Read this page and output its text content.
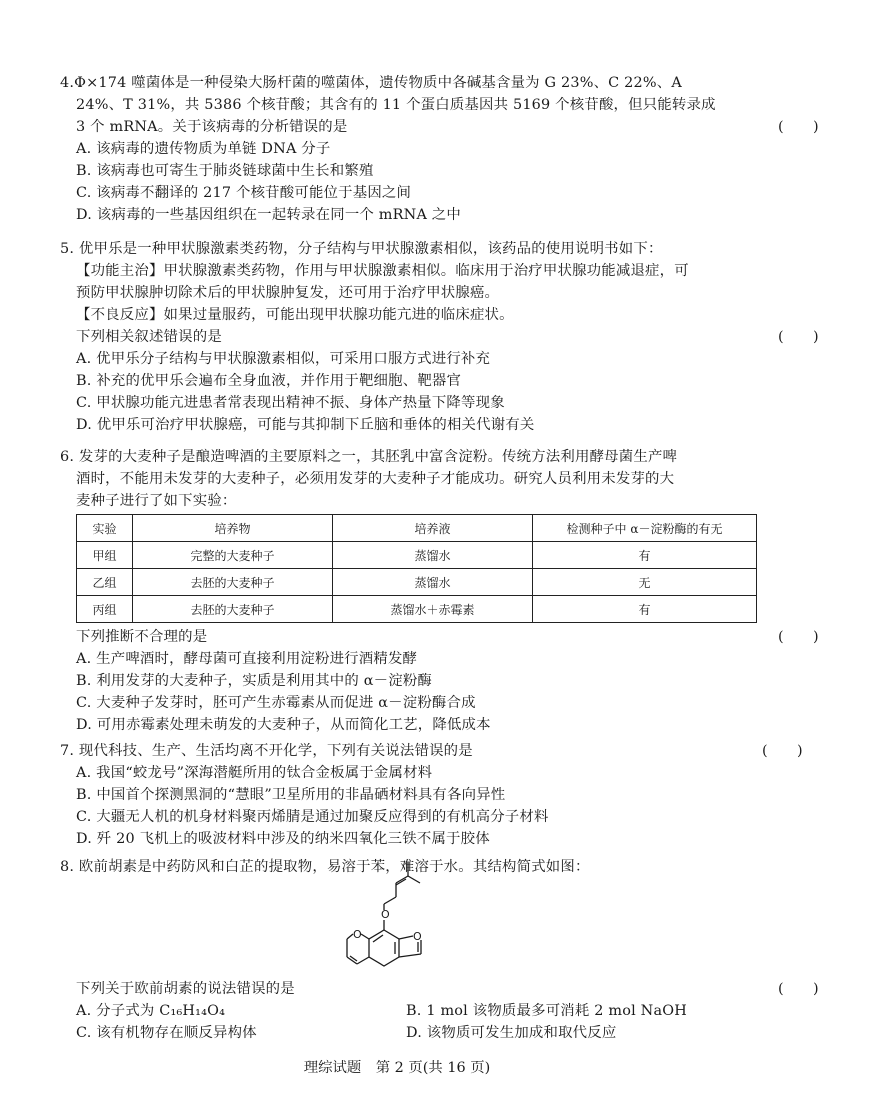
4.Φ×174 噬菌体是一种侵染大肠杆菌的噬菌体，遗传物质中各碱基含量为 G 23%、C 22%、A
24%、T 31%，共 5386 个核苷酸；其含有的 11 个蛋白质基因共 5169 个核苷酸，但只能转录成
3 个 mRNA。关于该病毒的分析错误的是	(　　)
A. 该病毒的遗传物质为单链 DNA 分子
B. 该病毒也可寄生于肺炎链球菌中生长和繁殖
C. 该病毒不翻译的 217 个核苷酸可能位于基因之间
D. 该病毒的一些基因组织在一起转录在同一个 mRNA 之中
5. 优甲乐是一种甲状腺激素类药物，分子结构与甲状腺激素相似，该药品的使用说明书如下：
【功能主治】甲状腺激素类药物，作用与甲状腺激素相似。临床用于治疗甲状腺功能减退症，可
预防甲状腺肿切除术后的甲状腺肿复发，还可用于治疗甲状腺癌。
【不良反应】如果过量服药，可能出现甲状腺功能亢进的临床症状。
下列相关叙述错误的是	(　　)
A. 优甲乐分子结构与甲状腺激素相似，可采用口服方式进行补充
B. 补充的优甲乐会遍布全身血液，并作用于靶细胞、靶器官
C. 甲状腺功能亢进患者常表现出精神不振、身体产热量下降等现象
D. 优甲乐可治疗甲状腺癌，可能与其抑制下丘脑和垂体的相关代谢有关
6. 发芽的大麦种子是酿造啤酒的主要原料之一，其胚乳中富含淀粉。传统方法利用酵母菌生产啤
酒时，不能用未发芽的大麦种子，必须用发芽的大麦种子才能成功。研究人员利用未发芽的大
麦种子进行了如下实验：
实验	培养物	培养液	检测种子中 α－淀粉酶的有无
甲组	完整的大麦种子	蒸馏水	有
乙组	去胚的大麦种子	蒸馏水	无
丙组	去胚的大麦种子	蒸馏水＋赤霉素	有
下列推断不合理的是	(　　)
A. 生产啤酒时，酵母菌可直接利用淀粉进行酒精发酵
B. 利用发芽的大麦种子，实质是利用其中的 α－淀粉酶
C. 大麦种子发芽时，胚可产生赤霉素从而促进 α－淀粉酶合成
D. 可用赤霉素处理未萌发的大麦种子，从而简化工艺，降低成本
7. 现代科技、生产、生活均离不开化学，下列有关说法错误的是	(　　)
A. 我国“蛟龙号”深海潜艇所用的钛合金板属于金属材料
B. 中国首个探测黑洞的“慧眼”卫星所用的非晶硒材料具有各向异性
C. 大疆无人机的机身材料聚丙烯腈是通过加聚反应得到的有机高分子材料
D. 歼 20 飞机上的吸波材料中涉及的纳米四氧化三铁不属于胶体
8. 欧前胡素是中药防风和白芷的提取物，易溶于苯，难溶于水。其结构简式如图：
O
O	O
下列关于欧前胡素的说法错误的是	(　　)
A. 分子式为 C₁₆H₁₄O₄	B. 1 mol 该物质最多可消耗 2 mol NaOH
C. 该有机物存在顺反异构体	D. 该物质可发生加成和取代反应
理综试题　第 2 页(共 16 页)
